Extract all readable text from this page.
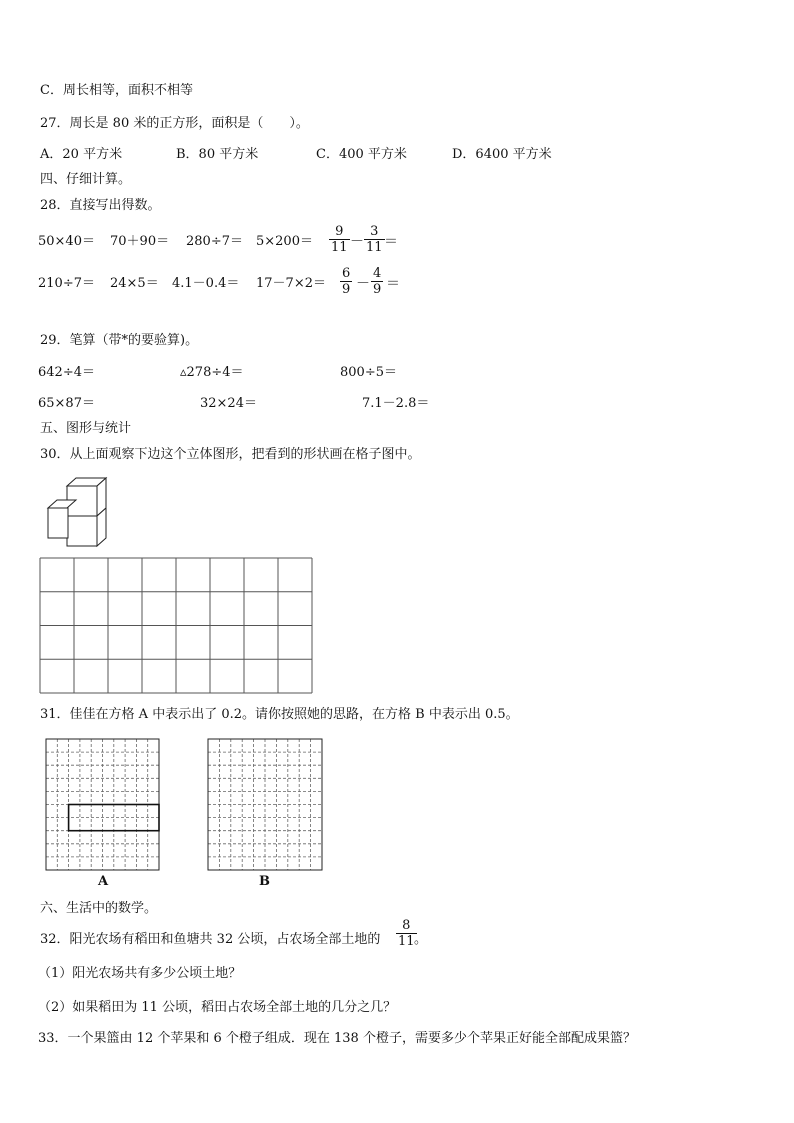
C．周长相等，面积不相等
27．周长是 80 米的正方形，面积是（　　）。
A．20 平方米	B．80 平方米	C．400 平方米	D．6400 平方米
四、仔细计算。
28．直接写出得数。
50×40＝ 70＋90＝ 280÷7＝ 5×200＝
9
11 －
3
11 ＝
210÷7＝ 24×5＝ 4.1－0.4＝ 17－7×2＝
6
9 －
4
9 ＝
29．笔算（带*的要验算)。
642÷4＝	▵278÷4＝	800÷5＝
65×87＝	32×24＝	7.1－2.8＝
五、图形与统计
30．从上面观察下边这个立体图形，把看到的形状画在格子图中。
31．佳佳在方格 A 中表示出了 0.2。请你按照她的思路，在方格 B 中表示出 0.5。
A	B
六、生活中的数学。
32．阳光农场有稻田和鱼塘共 32 公顷，占农场全部土地的
8
11 。
（1）阳光农场共有多少公顷土地？
（2）如果稻田为 11 公顷，稻田占农场全部土地的几分之几？
33．一个果篮由 12 个苹果和 6 个橙子组成．现在 138 个橙子，需要多少个苹果正好能全部配成果篮？
